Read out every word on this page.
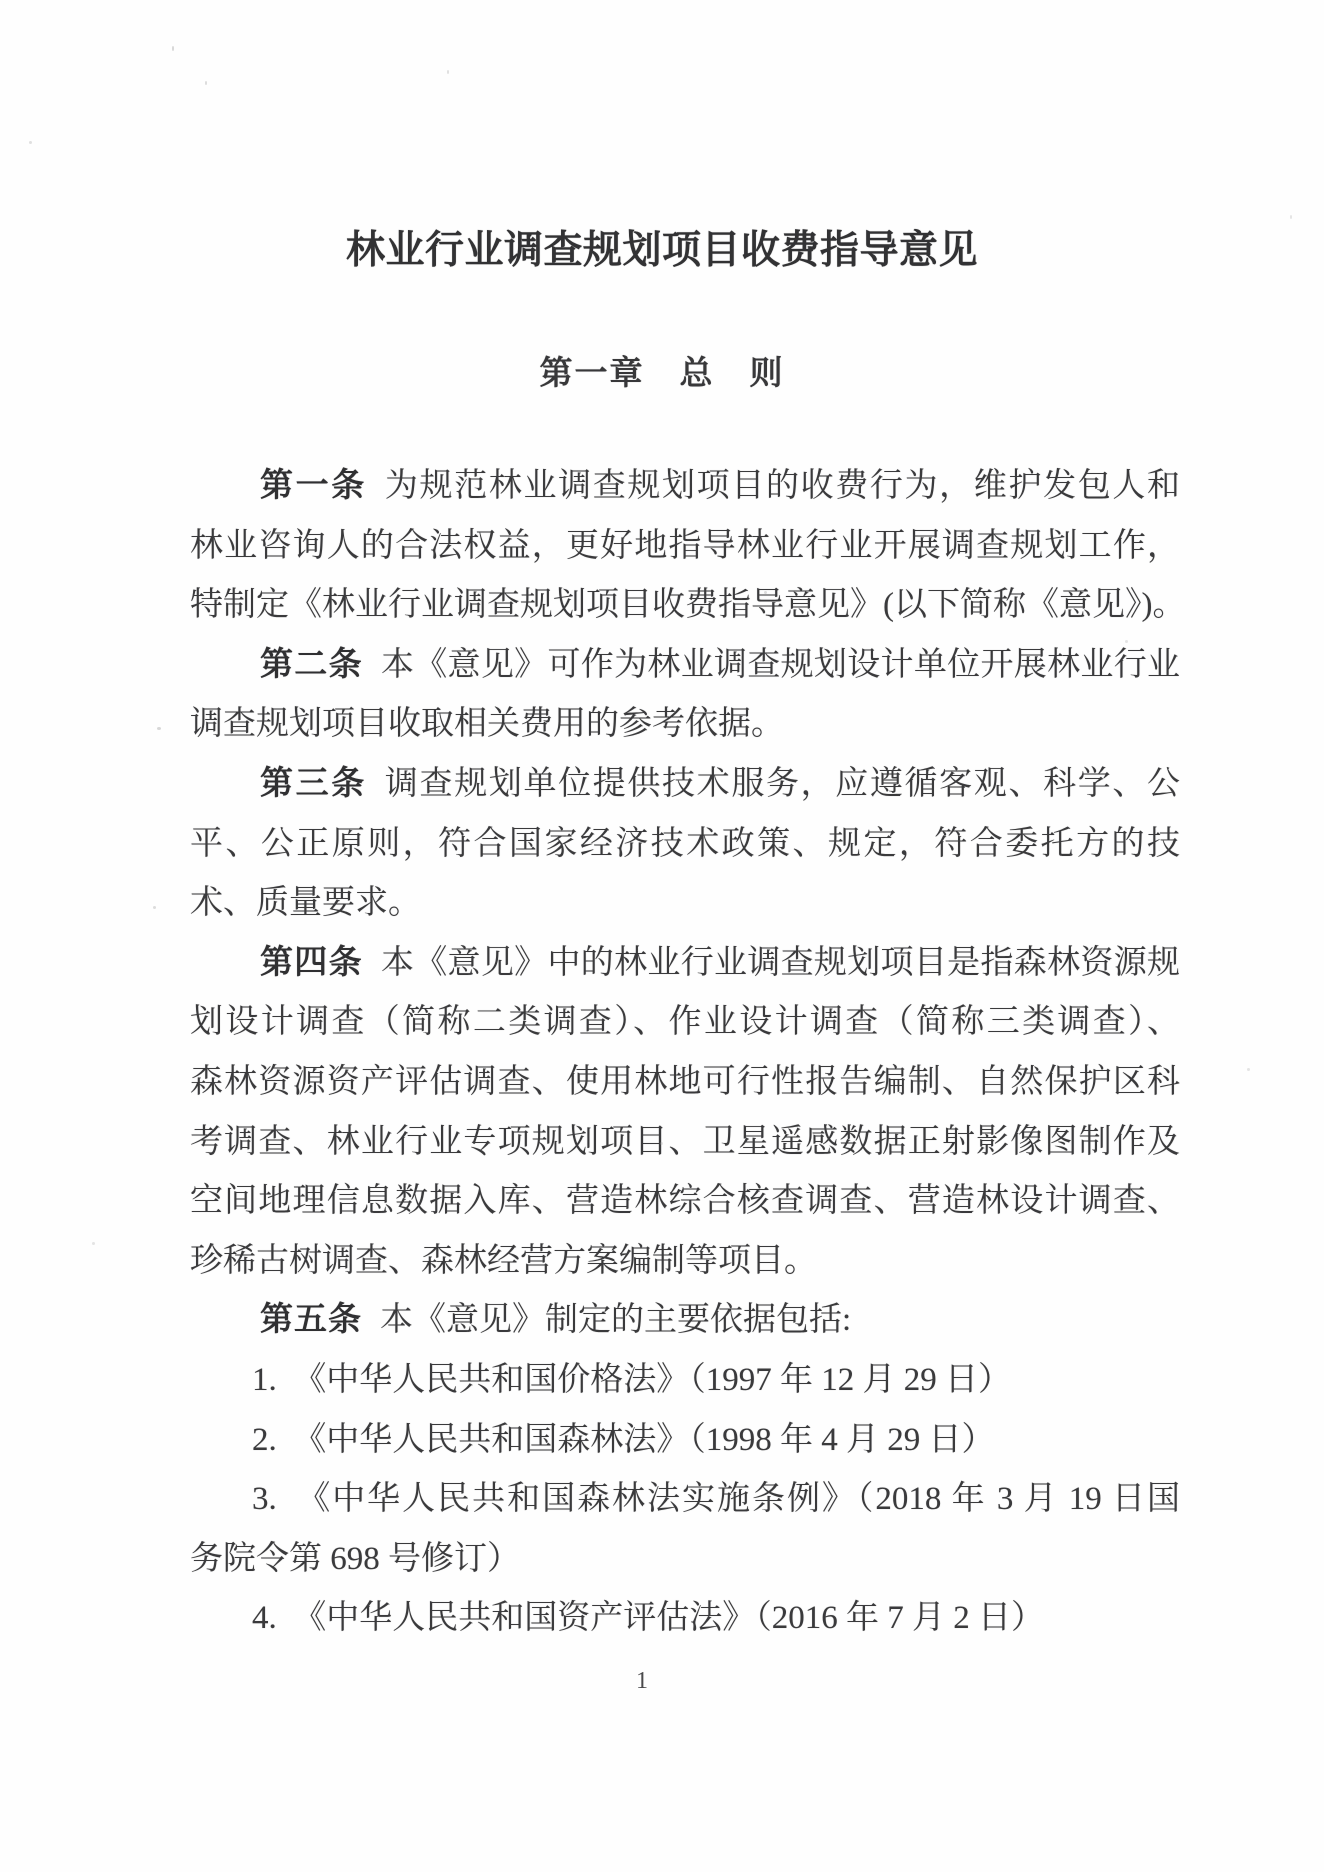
林业行业调查规划项目收费指导意见
第一章　总　则
第一条 为规范林业调查规划项目的收费行为，维护发包人和
林业咨询人的合法权益，更好地指导林业行业开展调查规划工作，
特制定《林业行业调查规划项目收费指导意见》(以下简称《意见》)。
第二条 本《意见》可作为林业调查规划设计单位开展林业行业
调查规划项目收取相关费用的参考依据。
第三条 调查规划单位提供技术服务，应遵循客观、科学、公
平、公正原则，符合国家经济技术政策、规定，符合委托方的技
术、质量要求。
第四条 本《意见》中的林业行业调查规划项目是指森林资源规
划设计调查（简称二类调查）、作业设计调查（简称三类调查）、
森林资源资产评估调查、使用林地可行性报告编制、自然保护区科
考调查、林业行业专项规划项目、卫星遥感数据正射影像图制作及
空间地理信息数据入库、营造林综合核查调查、营造林设计调查、
珍稀古树调查、森林经营方案编制等项目。
第五条 本《意见》制定的主要依据包括:
1.　《中华人民共和国价格法》（1997 年 12 月 29 日）
2.　《中华人民共和国森林法》（1998 年 4 月 29 日）
3.　《中华人民共和国森林法实施条例》（2018 年 3 月 19 日国
务院令第 698 号修订）
4.　《中华人民共和国资产评估法》（2016 年 7 月 2 日）
1
